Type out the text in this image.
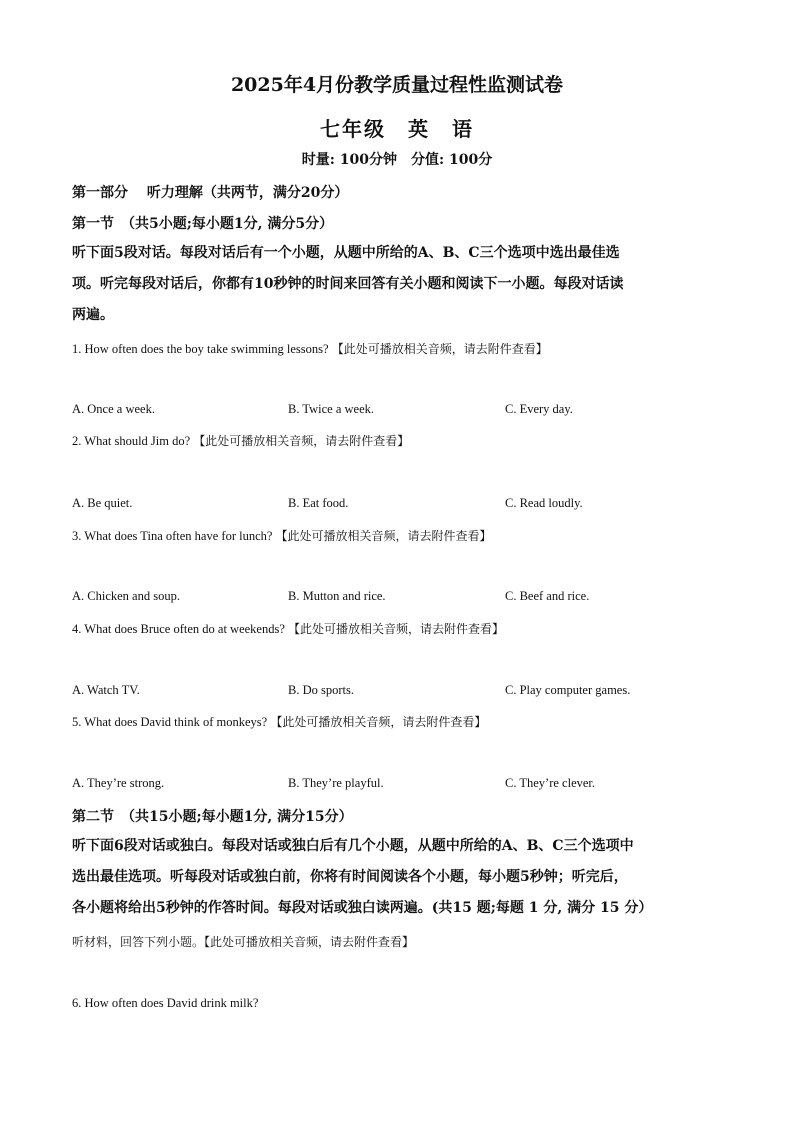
2025年4月份教学质量过程性监测试卷
七年级　英　语
时量: 100分钟　分值: 100分
第一部分　 听力理解（共两节，满分20分）
第一节　（共5小题;每小题1分, 满分5分）
听下面5段对话。每段对话后有一个小题，从题中所给的A、B、C三个选项中选出最佳选
项。听完每段对话后，你都有10秒钟的时间来回答有关小题和阅读下一小题。每段对话读
两遍。
1. How often does the boy take swimming lessons? 【此处可播放相关音频，请去附件查看】
A. Once a week.	B. Twice a week.	C. Every day.
2. What should Jim do? 【此处可播放相关音频，请去附件查看】
A. Be quiet.	B. Eat food.	C. Read loudly.
3. What does Tina often have for lunch? 【此处可播放相关音频，请去附件查看】
A. Chicken and soup.	B. Mutton and rice.	C. Beef and rice.
4. What does Bruce often do at weekends? 【此处可播放相关音频，请去附件查看】
A. Watch TV.	B. Do sports.	C. Play computer games.
5. What does David think of monkeys? 【此处可播放相关音频，请去附件查看】
A. They’re strong.	B. They’re playful.	C. They’re clever.
第二节　（共15小题;每小题1分, 满分15分）
听下面6段对话或独白。每段对话或独白后有几个小题，从题中所给的A、B、C三个选项中
选出最佳选项。听每段对话或独白前，你将有时间阅读各个小题，每小题5秒钟；听完后，
各小题将给出5秒钟的作答时间。每段对话或独白读两遍。(共15 题;每题 1 分, 满分 15 分）
听材料，回答下列小题。【此处可播放相关音频，请去附件查看】
6. How often does David drink milk?
